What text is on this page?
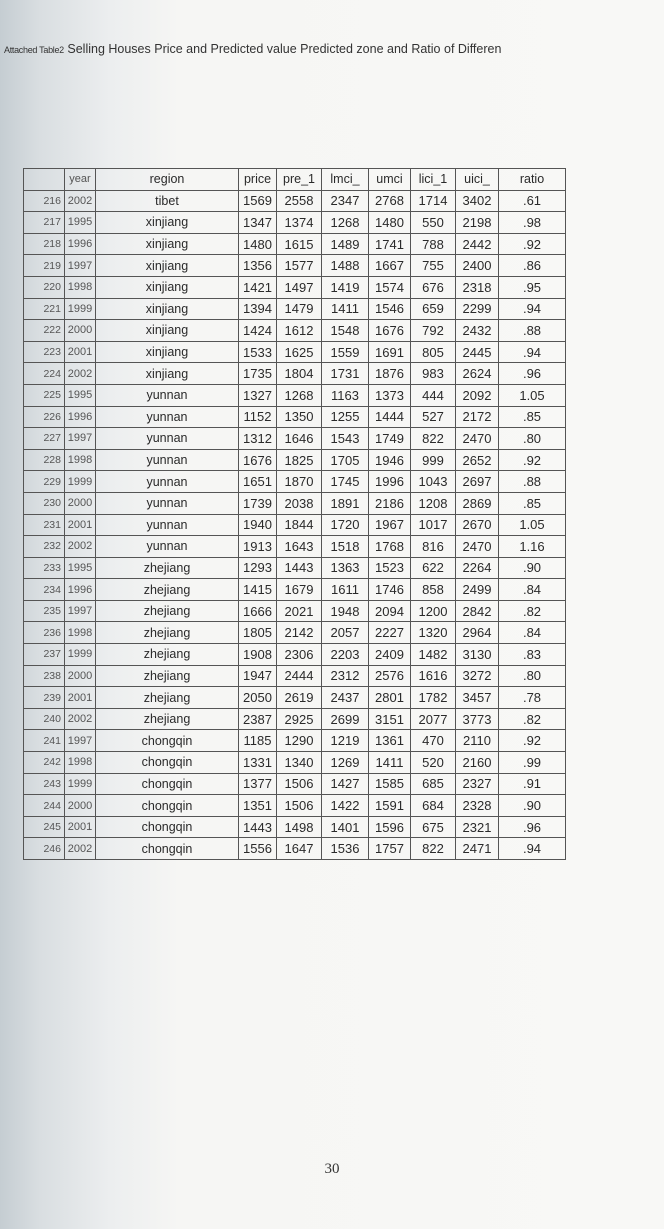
Attached Table2 Selling Houses Price and Predicted value Predicted zone and Ratio of Differen
	year	region	price	pre_1	lmci_	umci	lici_1	uici_	ratio
216	2002	tibet	1569	2558	2347	2768	1714	3402	.61
217	1995	xinjiang	1347	1374	1268	1480	550	2198	.98
218	1996	xinjiang	1480	1615	1489	1741	788	2442	.92
219	1997	xinjiang	1356	1577	1488	1667	755	2400	.86
220	1998	xinjiang	1421	1497	1419	1574	676	2318	.95
221	1999	xinjiang	1394	1479	1411	1546	659	2299	.94
222	2000	xinjiang	1424	1612	1548	1676	792	2432	.88
223	2001	xinjiang	1533	1625	1559	1691	805	2445	.94
224	2002	xinjiang	1735	1804	1731	1876	983	2624	.96
225	1995	yunnan	1327	1268	1163	1373	444	2092	1.05
226	1996	yunnan	1152	1350	1255	1444	527	2172	.85
227	1997	yunnan	1312	1646	1543	1749	822	2470	.80
228	1998	yunnan	1676	1825	1705	1946	999	2652	.92
229	1999	yunnan	1651	1870	1745	1996	1043	2697	.88
230	2000	yunnan	1739	2038	1891	2186	1208	2869	.85
231	2001	yunnan	1940	1844	1720	1967	1017	2670	1.05
232	2002	yunnan	1913	1643	1518	1768	816	2470	1.16
233	1995	zhejiang	1293	1443	1363	1523	622	2264	.90
234	1996	zhejiang	1415	1679	1611	1746	858	2499	.84
235	1997	zhejiang	1666	2021	1948	2094	1200	2842	.82
236	1998	zhejiang	1805	2142	2057	2227	1320	2964	.84
237	1999	zhejiang	1908	2306	2203	2409	1482	3130	.83
238	2000	zhejiang	1947	2444	2312	2576	1616	3272	.80
239	2001	zhejiang	2050	2619	2437	2801	1782	3457	.78
240	2002	zhejiang	2387	2925	2699	3151	2077	3773	.82
241	1997	chongqin	1185	1290	1219	1361	470	2110	.92
242	1998	chongqin	1331	1340	1269	1411	520	2160	.99
243	1999	chongqin	1377	1506	1427	1585	685	2327	.91
244	2000	chongqin	1351	1506	1422	1591	684	2328	.90
245	2001	chongqin	1443	1498	1401	1596	675	2321	.96
246	2002	chongqin	1556	1647	1536	1757	822	2471	.94
30
